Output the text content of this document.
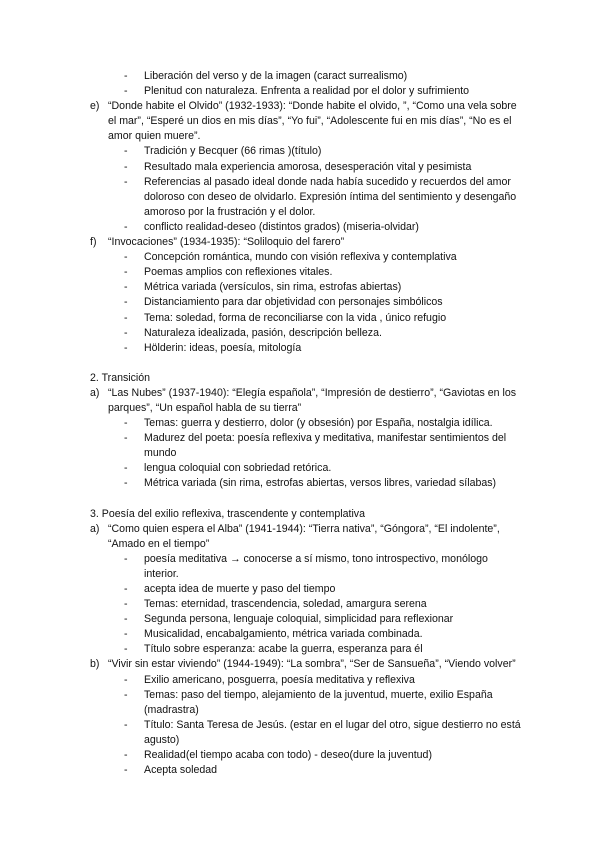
-	Liberación del verso y de la imagen (caract surrealismo)
-	Plenitud con naturaleza. Enfrenta a realidad por el dolor y sufrimiento
e) “Donde habite el Olvido” (1932-1933): “Donde habite el olvido, ”, “Como una vela sobre el mar”, “Esperé un dios en mis días”, “Yo fui”, “Adolescente fui en mis días”, “No es el amor quien muere”.
-	Tradición y Becquer (66 rimas )(título)
-	Resultado mala experiencia amorosa, desesperación vital y pesimista
-	Referencias al pasado ideal donde nada había sucedido y recuerdos del amor doloroso con deseo de olvidarlo. Expresión íntima del sentimiento y desengaño amoroso por la frustración y el dolor.
-	conflicto realidad-deseo (distintos grados) (miseria-olvidar)
f)	“Invocaciones” (1934-1935): “Soliloquio del farero”
-	Concepción romántica, mundo con visión reflexiva y contemplativa
-	Poemas amplios con reflexiones vitales.
-	Métrica variada (versículos, sin rima, estrofas abiertas)
-	Distanciamiento para dar objetividad con personajes simbólicos
-	Tema: soledad, forma de reconciliarse con la vida , único refugio
-	Naturaleza idealizada, pasión, descripción belleza.
-	Hölderin: ideas, poesía, mitología
2. Transición
a) “Las Nubes” (1937-1940): “Elegía española”, “Impresión de destierro”, “Gaviotas en los parques”, “Un español habla de su tierra”
-	Temas: guerra y destierro, dolor (y obsesión) por España, nostalgia idílica.
-	Madurez del poeta: poesía reflexiva y meditativa, manifestar sentimientos del mundo
-	lengua coloquial con sobriedad retórica.
-	Métrica variada (sin rima, estrofas abiertas, versos libres, variedad sílabas)
3. Poesía del exilio reflexiva, trascendente y contemplativa
a) “Como quien espera el Alba” (1941-1944): “Tierra nativa”, “Góngora”, “El indolente”, “Amado en el tiempo”
-	poesía meditativa → conocerse a sí mismo, tono introspectivo, monólogo interior.
-	acepta idea de muerte y paso del tiempo
-	Temas: eternidad, trascendencia, soledad, amargura serena
-	Segunda persona, lenguaje coloquial, simplicidad para reflexionar
-	Musicalidad, encabalgamiento, métrica variada combinada.
-	Título sobre esperanza: acabe la guerra, esperanza para él
b) “Vivir sin estar viviendo” (1944-1949): “La sombra”, “Ser de Sansueña”, “Viendo volver”
-	Exilio americano, posguerra, poesía meditativa y reflexiva
-	Temas: paso del tiempo, alejamiento de la juventud, muerte, exilio España (madrastra)
-	Título: Santa Teresa de Jesús. (estar en el lugar del otro, sigue destierro no está agusto)
-	Realidad(el tiempo acaba con todo) - deseo(dure la juventud)
-	Acepta soledad
